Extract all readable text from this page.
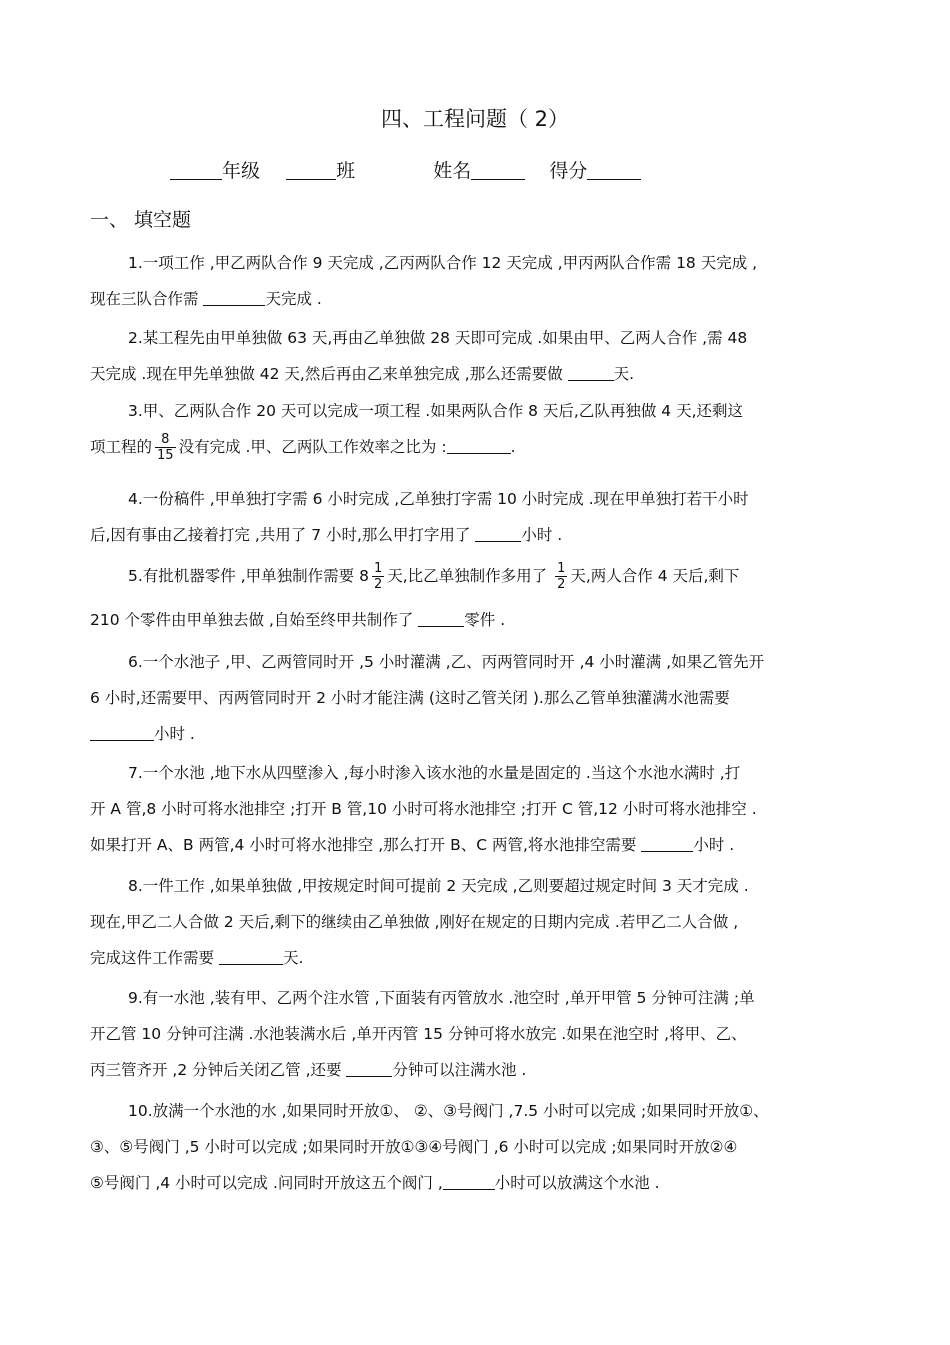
四、工程问题（ 2）
年级	班	姓名	得分
一、 填空题
1.一项工作 ,甲乙两队合作 9 天完成 ,乙丙两队合作 12 天完成 ,甲丙两队合作需 18 天完成 ,
现在三队合作需	天完成 .
2.某工程先由甲单独做 63 天,再由乙单独做 28 天即可完成 .如果由甲、乙两人合作 ,需 48
天完成 .现在甲先单独做 42 天,然后再由乙来单独完成 ,那么还需要做	天.
3.甲、乙两队合作 20 天可以完成一项工程 .如果两队合作 8 天后,乙队再独做 4 天,还剩这
项工程的 $\frac{8}{15}$ 没有完成 .甲、乙两队工作效率之比为 :	.
4.一份稿件 ,甲单独打字需 6 小时完成 ,乙单独打字需 10 小时完成 .现在甲单独打若干小时
后,因有事由乙接着打完 ,共用了 7 小时,那么甲打字用了	小时 .
5.有批机器零件 ,甲单独制作需要 $8 \frac{1}{2}$ 天,比乙单独制作多用了 $\frac{1}{2}$ 天,两人合作 4 天后,剩下
210 个零件由甲单独去做 ,自始至终甲共制作了	零件 .
6.一个水池子 ,甲、乙两管同时开 ,5 小时灌满 ,乙、丙两管同时开 ,4 小时灌满 ,如果乙管先开
6 小时,还需要甲、丙两管同时开 2 小时才能注满 (这时乙管关闭 ).那么乙管单独灌满水池需要
小时 .
7.一个水池 ,地下水从四壁渗入 ,每小时渗入该水池的水量是固定的 .当这个水池水满时 ,打
开 A 管,8 小时可将水池排空 ;打开 B 管,10 小时可将水池排空 ;打开 C 管,12 小时可将水池排空 .
如果打开 A、B 两管,4 小时可将水池排空 ,那么打开 B、C 两管,将水池排空需要	小时 .
8.一件工作 ,如果单独做 ,甲按规定时间可提前 2 天完成 ,乙则要超过规定时间 3 天才完成 .
现在,甲乙二人合做 2 天后,剩下的继续由乙单独做 ,刚好在规定的日期内完成 .若甲乙二人合做 ,
完成这件工作需要	天.
9.有一水池 ,装有甲、乙两个注水管 ,下面装有丙管放水 .池空时 ,单开甲管 5 分钟可注满 ;单
开乙管 10 分钟可注满 .水池装满水后 ,单开丙管 15 分钟可将水放完 .如果在池空时 ,将甲、乙、
丙三管齐开 ,2 分钟后关闭乙管 ,还要	分钟可以注满水池 .
10.放满一个水池的水 ,如果同时开放①、 ②、③号阀门 ,7.5 小时可以完成 ;如果同时开放①、
③、⑤号阀门 ,5 小时可以完成 ;如果同时开放①③④号阀门 ,6 小时可以完成 ;如果同时开放②④
⑤号阀门 ,4 小时可以完成 .问同时开放这五个阀门 ,	小时可以放满这个水池 .
